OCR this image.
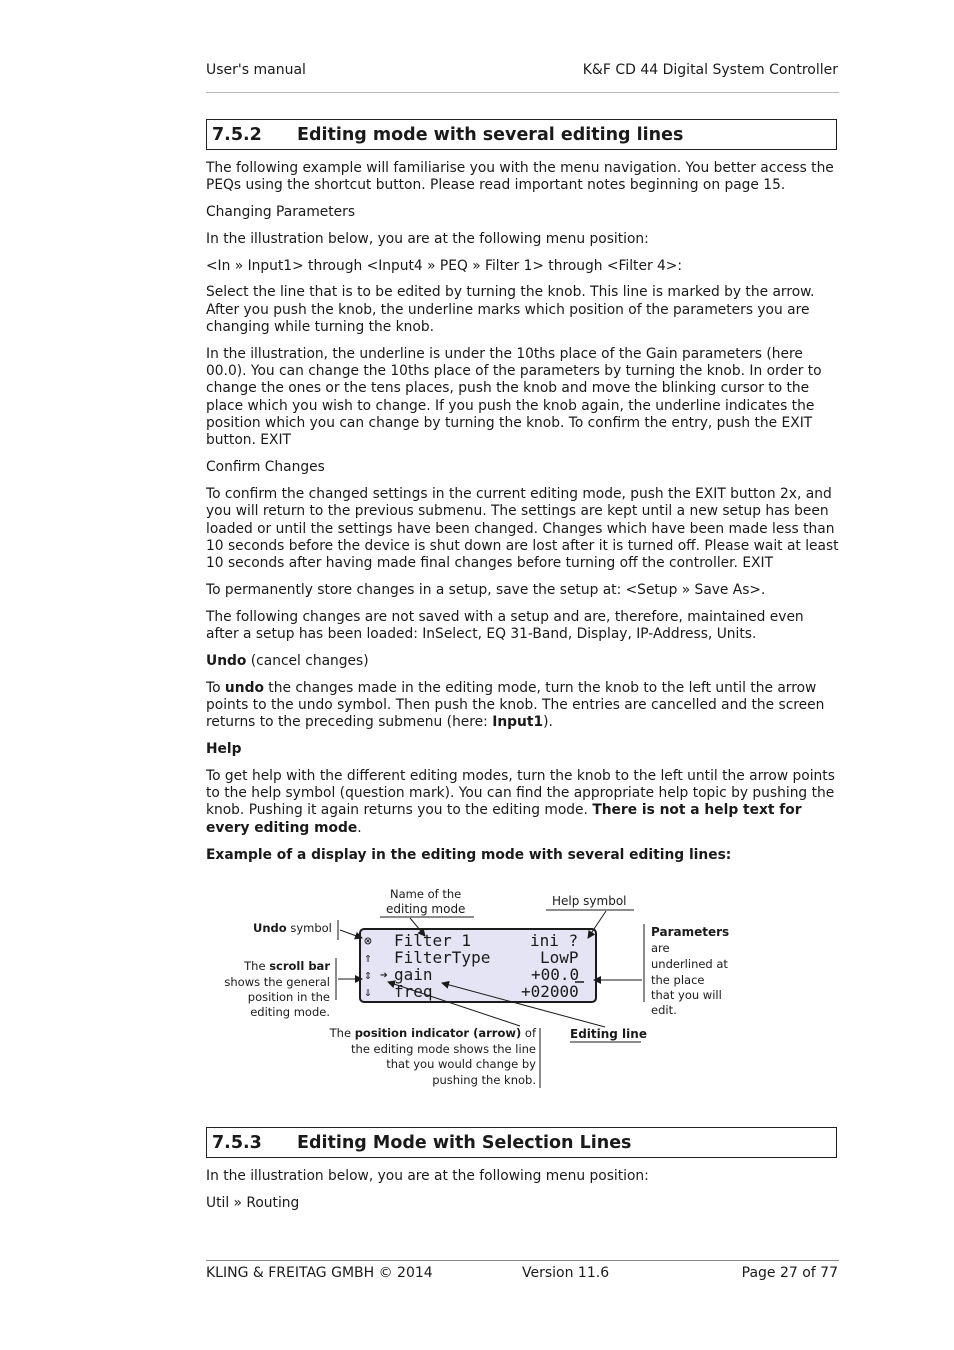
User's manual	K&F CD 44 Digital System Controller
7.5.2 Editing mode with several editing lines

The following example will familiarise you with the menu navigation. You better access the PEQs using the shortcut button. Please read important notes beginning on page 15.

Changing Parameters

In the illustration below, you are at the following menu position:

<In » Input1> through <Input4 » PEQ » Filter 1> through <Filter 4>:

Select the line that is to be edited by turning the knob. This line is marked by the arrow. After you push the knob, the underline marks which position of the parameters you are changing while turning the knob.

In the illustration, the underline is under the 10ths place of the Gain parameters (here 00.0). You can change the 10ths place of the parameters by turning the knob. In order to change the ones or the tens places, push the knob and move the blinking cursor to the place which you wish to change. If you push the knob again, the underline indicates the position which you can change by turning the knob. To confirm the entry, push the EXIT button. EXIT

Confirm Changes

To confirm the changed settings in the current editing mode, push the EXIT button 2x, and you will return to the previous submenu. The settings are kept until a new setup has been loaded or until the settings have been changed. Changes which have been made less than 10 seconds before the device is shut down are lost after it is turned off. Please wait at least 10 seconds after having made final changes before turning off the controller. EXIT

To permanently store changes in a setup, save the setup at: <Setup » Save As>.

The following changes are not saved with a setup and are, therefore, maintained even after a setup has been loaded: InSelect, EQ 31-Band, Display, IP-Address, Units.

Undo (cancel changes)

To undo the changes made in the editing mode, turn the knob to the left until the arrow points to the undo symbol. Then push the knob. The entries are cancelled and the screen returns to the preceding submenu (here: Input1).

Help

To get help with the different editing modes, turn the knob to the left until the arrow points to the help symbol (question mark). You can find the appropriate help topic by pushing the knob. Pushing it again returns you to the editing mode. There is not a help text for every editing mode.

Example of a display in the editing mode with several editing lines:

⊗
⇑
⇕
⇓
➔
Filter 1	ini ?
FilterType	LowP
gain	+00.0
freq	+02000
Name of the
editing mode
Help symbol
Undo symbol
The scroll bar
shows the general
position in the
editing mode.
Parameters
are
underlined at
the place
that you will
edit.
The position indicator (arrow) of
the editing mode shows the line
that you would change by
pushing the knob.
Editing line
7.5.3 Editing Mode with Selection Lines

In the illustration below, you are at the following menu position:

Util » Routing

KLING & FREITAG GMBH © 2014	Version 11.6	Page 27 of 77
